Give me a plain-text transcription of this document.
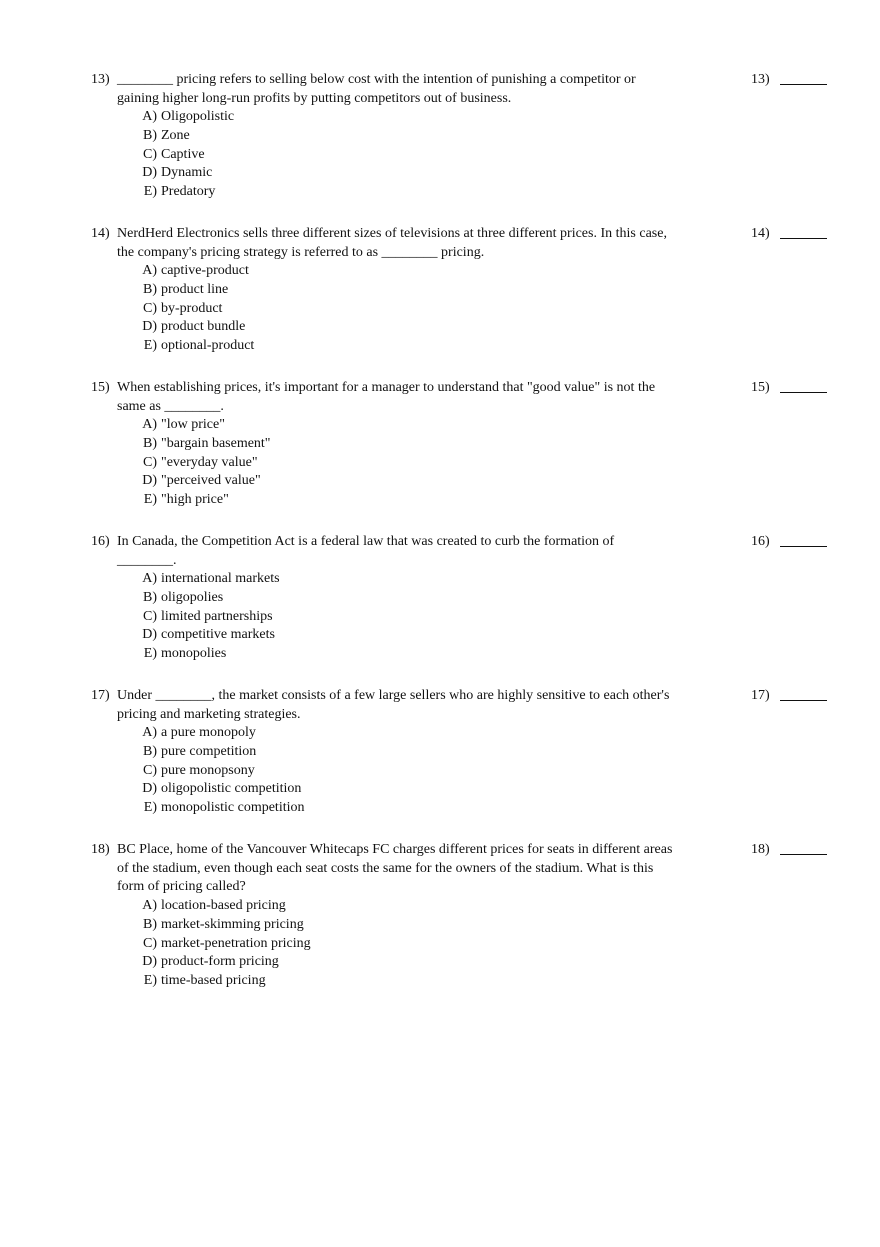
13) ________ pricing refers to selling below cost with the intention of punishing a competitor or gaining higher long-run profits by putting competitors out of business.
A) Oligopolistic
B) Zone
C) Captive
D) Dynamic
E) Predatory
13)
14) NerdHerd Electronics sells three different sizes of televisions at three different prices. In this case, the company's pricing strategy is referred to as ________ pricing.
A) captive-product
B) product line
C) by-product
D) product bundle
E) optional-product
14)
15) When establishing prices, it's important for a manager to understand that "good value" is not the same as ________.
A) "low price"
B) "bargain basement"
C) "everyday value"
D) "perceived value"
E) "high price"
15)
16) In Canada, the Competition Act is a federal law that was created to curb the formation of ________.
A) international markets
B) oligopolies
C) limited partnerships
D) competitive markets
E) monopolies
16)
17) Under ________, the market consists of a few large sellers who are highly sensitive to each other's pricing and marketing strategies.
A) a pure monopoly
B) pure competition
C) pure monopsony
D) oligopolistic competition
E) monopolistic competition
17)
18) BC Place, home of the Vancouver Whitecaps FC charges different prices for seats in different areas of the stadium, even though each seat costs the same for the owners of the stadium. What is this form of pricing called?
A) location-based pricing
B) market-skimming pricing
C) market-penetration pricing
D) product-form pricing
E) time-based pricing
18)
